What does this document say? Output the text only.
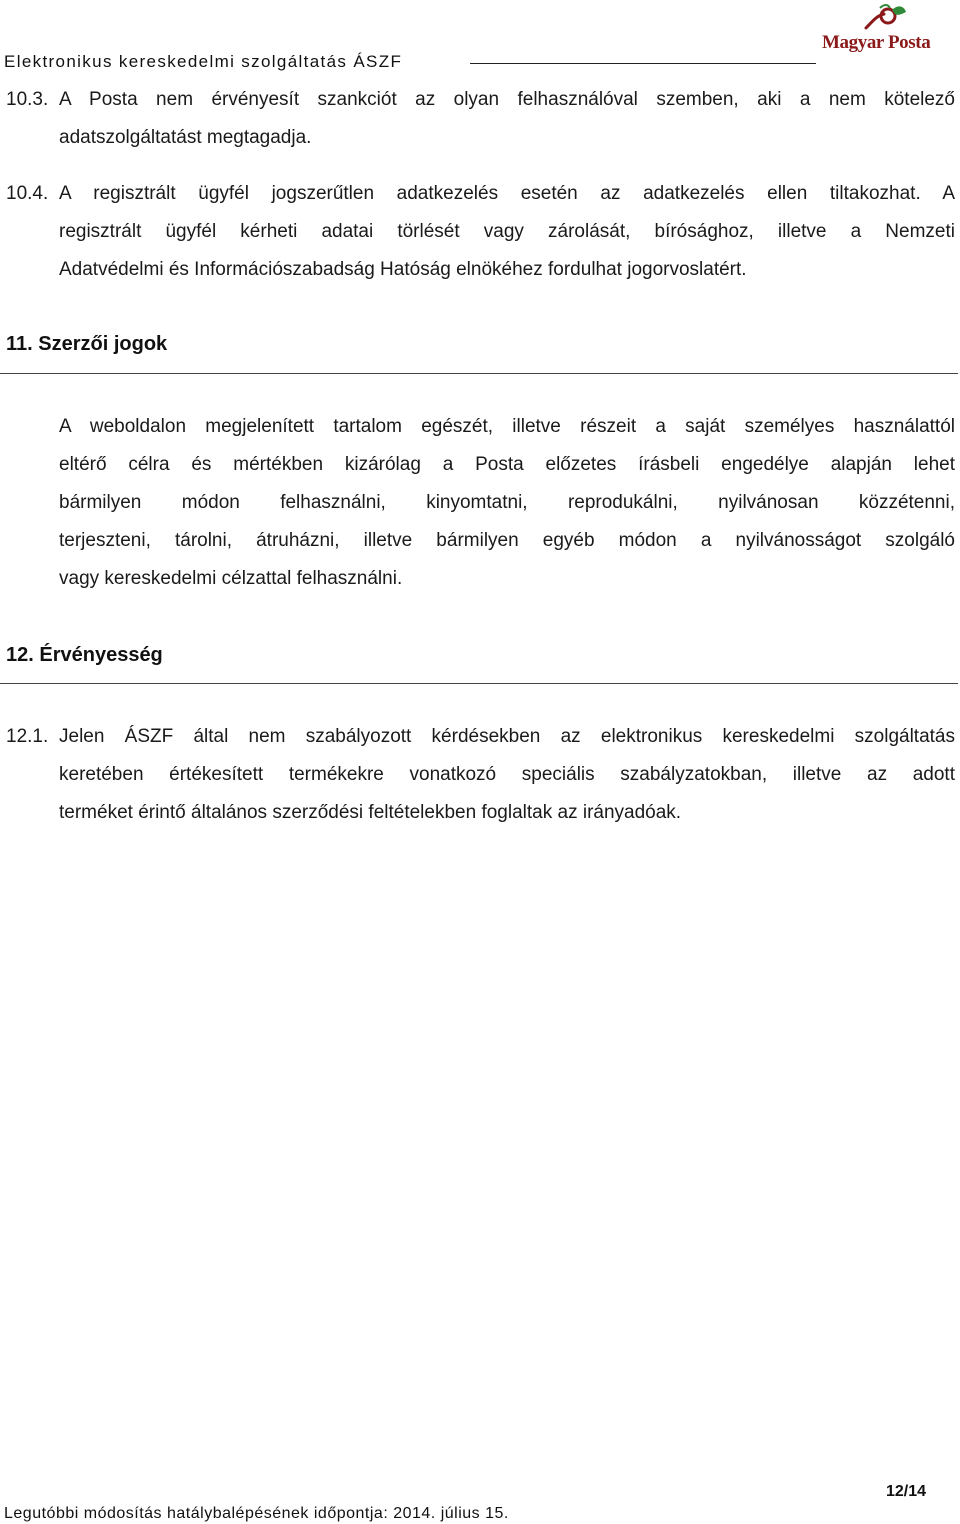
Elektronikus kereskedelmi szolgáltatás ÁSZF
Magyar Posta
10.3. A Posta nem érvényesít szankciót az olyan felhasználóval szemben, aki a nem kötelező
adatszolgáltatást megtagadja.
10.4. A regisztrált ügyfél jogszerűtlen adatkezelés esetén az adatkezelés ellen tiltakozhat. A
regisztrált ügyfél kérheti adatai törlését vagy zárolását, bírósághoz, illetve a Nemzeti
Adatvédelmi és Információszabadság Hatóság elnökéhez fordulhat jogorvoslatért.
11. Szerzői jogok
A weboldalon megjelenített tartalom egészét, illetve részeit a saját személyes használattól
eltérő célra és mértékben kizárólag a Posta előzetes írásbeli engedélye alapján lehet
bármilyen módon felhasználni, kinyomtatni, reprodukálni, nyilvánosan közzétenni,
terjeszteni, tárolni, átruházni, illetve bármilyen egyéb módon a nyilvánosságot szolgáló
vagy kereskedelmi célzattal felhasználni.
12. Érvényesség
12.1. Jelen ÁSZF által nem szabályozott kérdésekben az elektronikus kereskedelmi szolgáltatás
keretében értékesített termékekre vonatkozó speciális szabályzatokban, illetve az adott
terméket érintő általános szerződési feltételekben foglaltak az irányadóak.
12/14
Legutóbbi módosítás hatálybalépésének időpontja: 2014. július 15.
